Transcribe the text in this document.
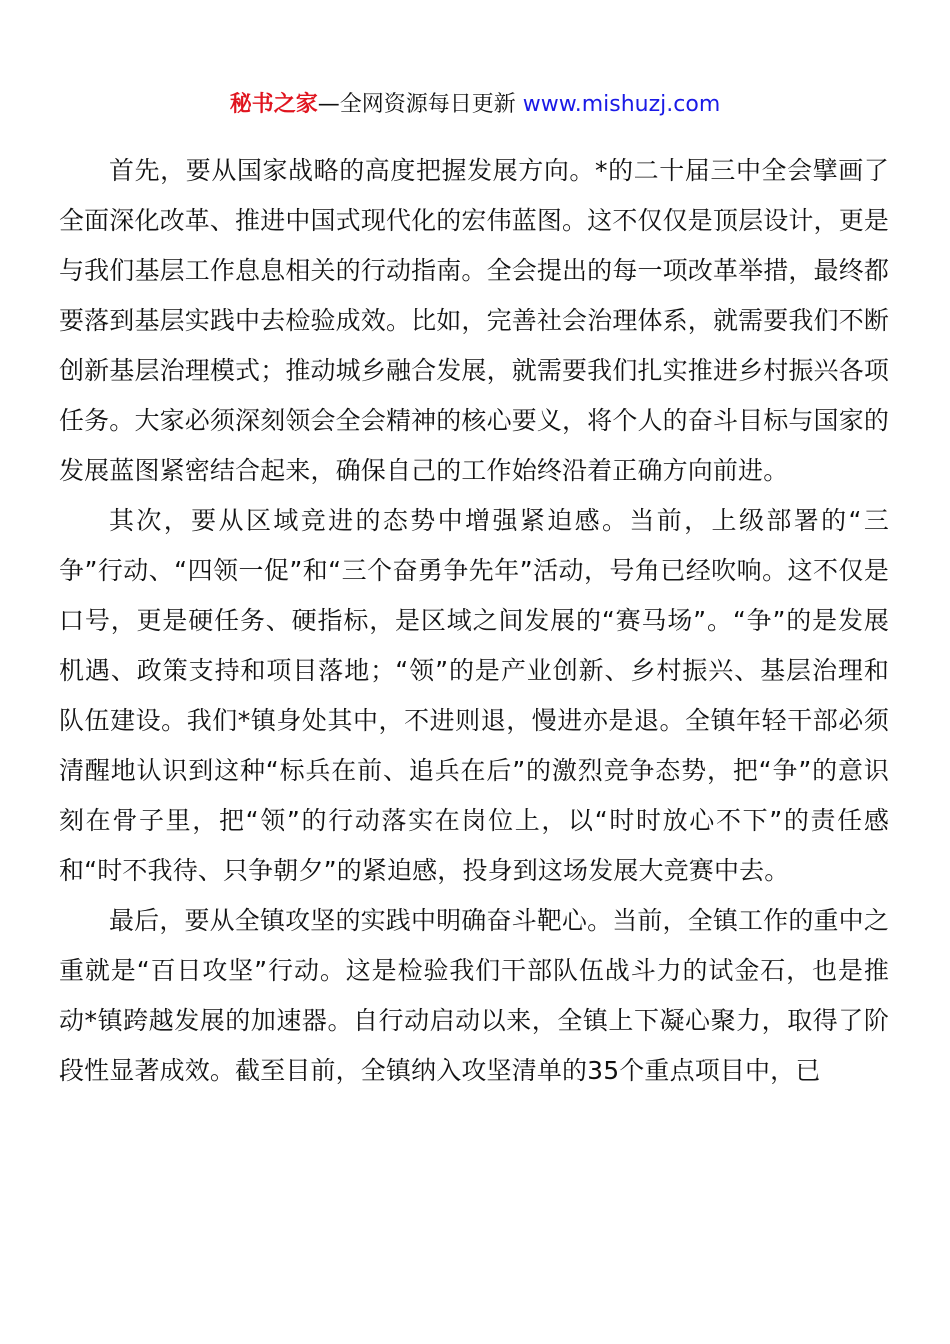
秘书之家—全网资源每日更新 www.mishuzj.com

首先，要从国家战略的高度把握发展方向。*的二十届三中全会擘画了全面深化改革、推进中国式现代化的宏伟蓝图。这不仅仅是顶层设计，更是与我们基层工作息息相关的行动指南。全会提出的每一项改革举措，最终都要落到基层实践中去检验成效。比如，完善社会治理体系，就需要我们不断创新基层治理模式；推动城乡融合发展，就需要我们扎实推进乡村振兴各项任务。大家必须深刻领会全会精神的核心要义，将个人的奋斗目标与国家的发展蓝图紧密结合起来，确保自己的工作始终沿着正确方向前进。

其次，要从区域竞进的态势中增强紧迫感。当前，上级部署的“三争”行动、“四领一促”和“三个奋勇争先年”活动，号角已经吹响。这不仅是口号，更是硬任务、硬指标，是区域之间发展的“赛马场”。“争”的是发展机遇、政策支持和项目落地；“领”的是产业创新、乡村振兴、基层治理和队伍建设。我们*镇身处其中，不进则退，慢进亦是退。全镇年轻干部必须清醒地认识到这种“标兵在前、追兵在后”的激烈竞争态势，把“争”的意识刻在骨子里，把“领”的行动落实在岗位上，以“时时放心不下”的责任感和“时不我待、只争朝夕”的紧迫感，投身到这场发展大竞赛中去。

最后，要从全镇攻坚的实践中明确奋斗靶心。当前，全镇工作的重中之重就是“百日攻坚”行动。这是检验我们干部队伍战斗力的试金石，也是推动*镇跨越发展的加速器。自行动启动以来，全镇上下凝心聚力，取得了阶段性显著成效。截至目前，全镇纳入攻坚清单的35个重点项目中，已
